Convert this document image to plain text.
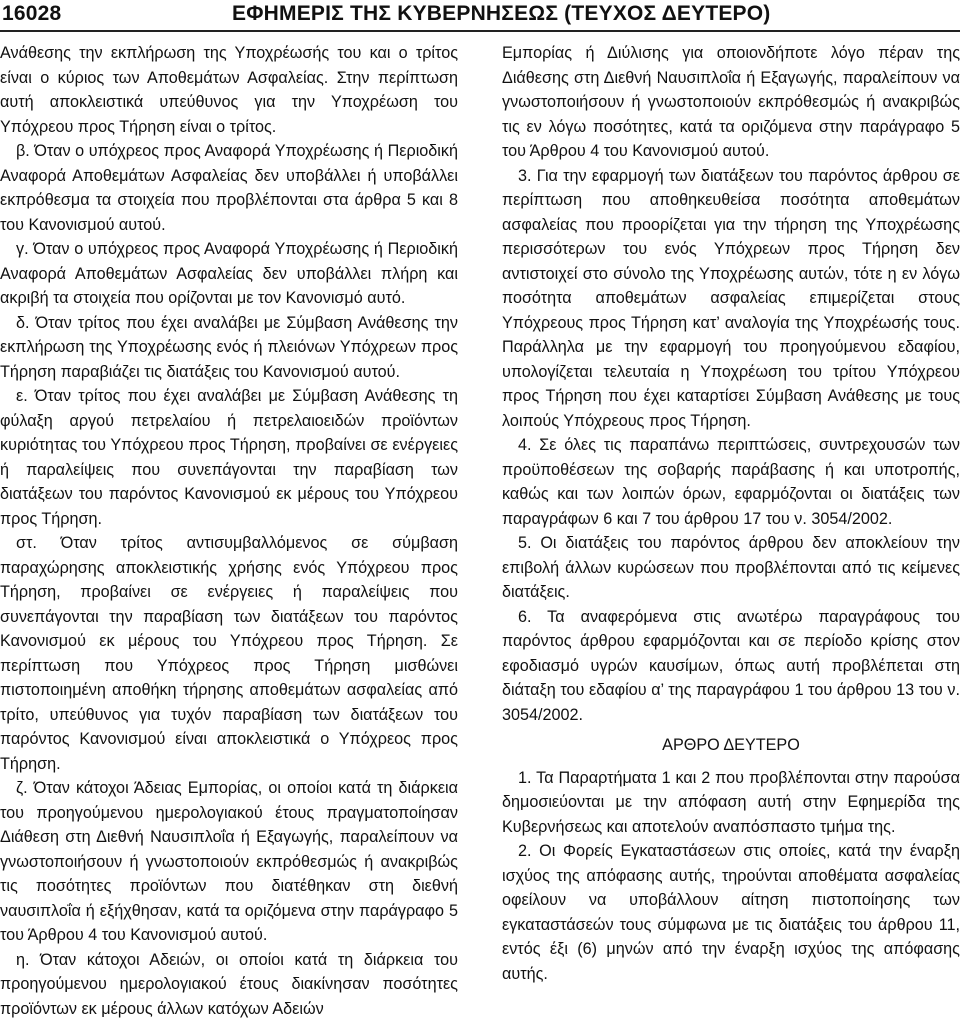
16028	ΕΦΗΜΕΡΙΣ ΤΗΣ ΚΥΒΕΡΝΗΣΕΩΣ (ΤΕΥΧΟΣ ΔΕΥΤΕΡΟ)

Ανάθεσης την εκπλήρωση της Υποχρέωσής του και ο τρίτος είναι ο κύριος των Αποθεμάτων Ασφαλείας. Στην περίπτωση αυτή αποκλειστικά υπεύθυνος για την Υποχρέωση του Υπόχρεου προς Τήρηση είναι ο τρίτος.

β. Όταν ο υπόχρεος προς Αναφορά Υποχρέωσης ή Περιοδική Αναφορά Αποθεμάτων Ασφαλείας δεν υποβάλλει ή υποβάλλει εκπρόθεσμα τα στοιχεία που προβλέπονται στα άρθρα 5 και 8 του Κανονισμού αυτού.

γ. Όταν ο υπόχρεος προς Αναφορά Υποχρέωσης ή Περιοδική Αναφορά Αποθεμάτων Ασφαλείας δεν υποβάλλει πλήρη και ακριβή τα στοιχεία που ορίζονται με τον Κανονισμό αυτό.

δ. Όταν τρίτος που έχει αναλάβει με Σύμβαση Ανάθεσης την εκπλήρωση της Υποχρέωσης ενός ή πλειόνων Υπόχρεων προς Τήρηση παραβιάζει τις διατάξεις του Κανονισμού αυτού.

ε. Όταν τρίτος που έχει αναλάβει με Σύμβαση Ανάθεσης τη φύλαξη αργού πετρελαίου ή πετρελαιοειδών προϊόντων κυριότητας του Υπόχρεου προς Τήρηση, προβαίνει σε ενέργειες ή παραλείψεις που συνεπάγονται την παραβίαση των διατάξεων του παρόντος Κανονισμού εκ μέρους του Υπόχρεου προς Τήρηση.

στ. Όταν τρίτος αντισυμβαλλόμενος σε σύμβαση παραχώρησης αποκλειστικής χρήσης ενός Υπόχρεου προς Τήρηση, προβαίνει σε ενέργειες ή παραλείψεις που συνεπάγονται την παραβίαση των διατάξεων του παρόντος Κανονισμού εκ μέρους του Υπόχρεου προς Τήρηση. Σε περίπτωση που Υπόχρεος προς Τήρηση μισθώνει πιστοποιημένη αποθήκη τήρησης αποθεμάτων ασφαλείας από τρίτο, υπεύθυνος για τυχόν παραβίαση των διατάξεων του παρόντος Κανονισμού είναι αποκλειστικά ο Υπόχρεος προς Τήρηση.

ζ. Όταν κάτοχοι Άδειας Εμπορίας, οι οποίοι κατά τη διάρκεια του προηγούμενου ημερολογιακού έτους πραγματοποίησαν Διάθεση στη Διεθνή Ναυσιπλοΐα ή Εξαγωγής, παραλείπουν να γνωστοποιήσουν ή γνωστοποιούν εκπρόθεσμώς ή ανακριβώς τις ποσότητες προϊόντων που διατέθηκαν στη διεθνή ναυσιπλοΐα ή εξήχθησαν, κατά τα οριζόμενα στην παράγραφο 5 του Άρθρου 4 του Κανονισμού αυτού.

η. Όταν κάτοχοι Αδειών, οι οποίοι κατά τη διάρκεια του προηγούμενου ημερολογιακού έτους διακίνησαν ποσότητες προϊόντων εκ μέρους άλλων κατόχων Αδειών

Εμπορίας ή Διύλισης για οποιονδήποτε λόγο πέραν της Διάθεσης στη Διεθνή Ναυσιπλοΐα ή Εξαγωγής, παραλείπουν να γνωστοποιήσουν ή γνωστοποιούν εκπρόθεσμώς ή ανακριβώς τις εν λόγω ποσότητες, κατά τα οριζόμενα στην παράγραφο 5 του Άρθρου 4 του Κανονισμού αυτού.

3. Για την εφαρμογή των διατάξεων του παρόντος άρθρου σε περίπτωση που αποθηκευθείσα ποσότητα αποθεμάτων ασφαλείας που προορίζεται για την τήρηση της Υποχρέωσης περισσότερων του ενός Υπόχρεων προς Τήρηση δεν αντιστοιχεί στο σύνολο της Υποχρέωσης αυτών, τότε η εν λόγω ποσότητα αποθεμάτων ασφαλείας επιμερίζεται στους Υπόχρεους προς Τήρηση κατ’ αναλογία της Υποχρέωσής τους. Παράλληλα με την εφαρμογή του προηγούμενου εδαφίου, υπολογίζεται τελευταία η Υποχρέωση του τρίτου Υπόχρεου προς Τήρηση που έχει καταρτίσει Σύμβαση Ανάθεσης με τους λοιπούς Υπόχρεους προς Τήρηση.

4. Σε όλες τις παραπάνω περιπτώσεις, συντρεχουσών των προϋποθέσεων της σοβαρής παράβασης ή και υποτροπής, καθώς και των λοιπών όρων, εφαρμόζονται οι διατάξεις των παραγράφων 6 και 7 του άρθρου 17 του ν. 3054/2002.

5. Οι διατάξεις του παρόντος άρθρου δεν αποκλείουν την επιβολή άλλων κυρώσεων που προβλέπονται από τις κείμενες διατάξεις.

6. Τα αναφερόμενα στις ανωτέρω παραγράφους του παρόντος άρθρου εφαρμόζονται και σε περίοδο κρίσης στον εφοδιασμό υγρών καυσίμων, όπως αυτή προβλέπεται στη διάταξη του εδαφίου α’ της παραγράφου 1 του άρθρου 13 του ν. 3054/2002.

ΑΡΘΡΟ ΔΕΥΤΕΡΟ

1. Τα Παραρτήματα 1 και 2 που προβλέπονται στην παρούσα δημοσιεύονται με την απόφαση αυτή στην Εφημερίδα της Κυβερνήσεως και αποτελούν αναπόσπαστο τμήμα της.

2. Οι Φορείς Εγκαταστάσεων στις οποίες, κατά την έναρξη ισχύος της απόφασης αυτής, τηρούνται αποθέματα ασφαλείας οφείλουν να υποβάλλουν αίτηση πιστοποίησης των εγκαταστάσεών τους σύμφωνα με τις διατάξεις του άρθρου 11, εντός έξι (6) μηνών από την έναρξη ισχύος της απόφασης αυτής.
